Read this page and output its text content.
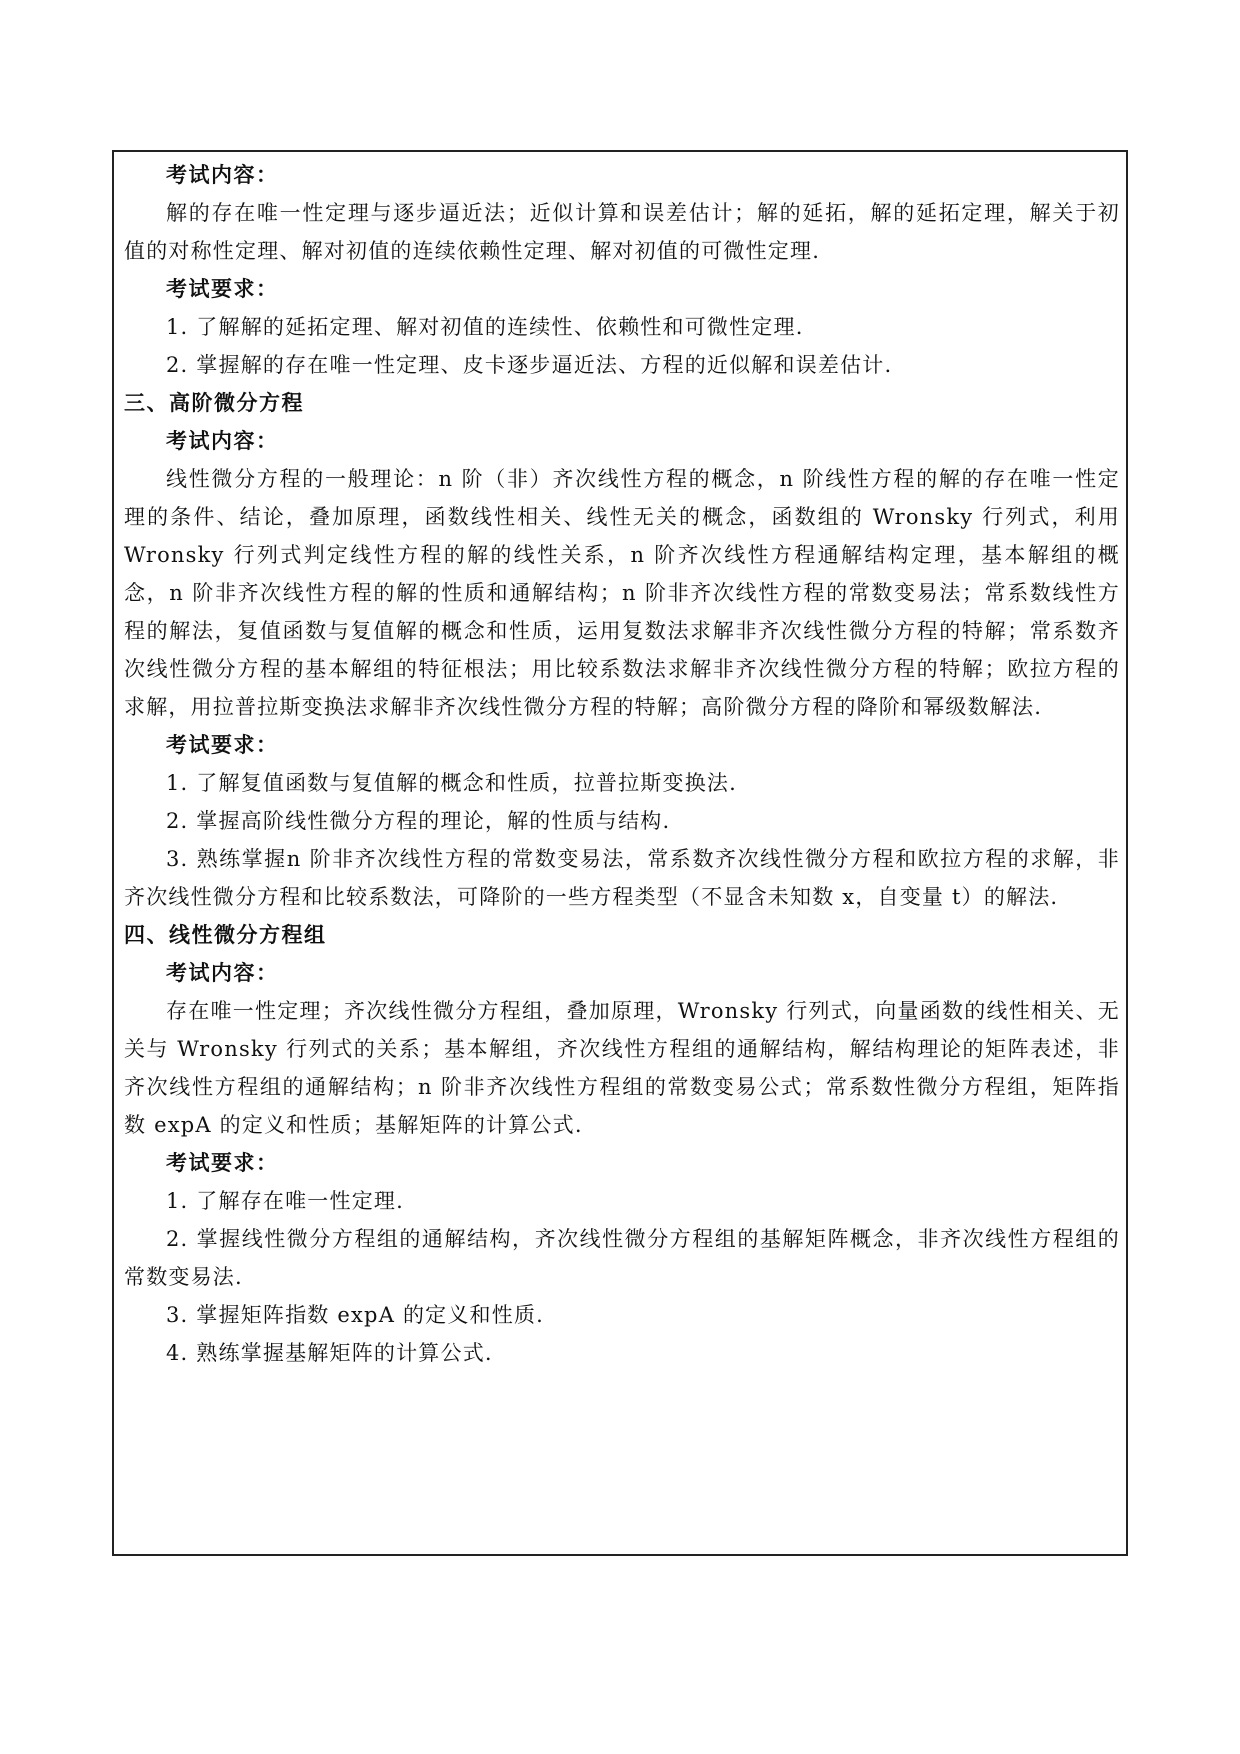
考试内容：

解的存在唯一性定理与逐步逼近法；近似计算和误差估计；解的延拓，解的延拓定理，解关于初值的对称性定理、解对初值的连续依赖性定理、解对初值的可微性定理.

考试要求：

1. 了解解的延拓定理、解对初值的连续性、依赖性和可微性定理.

2. 掌握解的存在唯一性定理、皮卡逐步逼近法、方程的近似解和误差估计.

三、高阶微分方程

考试内容：

线性微分方程的一般理论：n 阶（非）齐次线性方程的概念，n 阶线性方程的解的存在唯一性定理的条件、结论，叠加原理，函数线性相关、线性无关的概念，函数组的 Wronsky 行列式，利用 Wronsky 行列式判定线性方程的解的线性关系，n 阶齐次线性方程通解结构定理，基本解组的概念，n 阶非齐次线性方程的解的性质和通解结构；n 阶非齐次线性方程的常数变易法；常系数线性方程的解法，复值函数与复值解的概念和性质，运用复数法求解非齐次线性微分方程的特解；常系数齐次线性微分方程的基本解组的特征根法；用比较系数法求解非齐次线性微分方程的特解；欧拉方程的求解，用拉普拉斯变换法求解非齐次线性微分方程的特解；高阶微分方程的降阶和幂级数解法.

考试要求：

1. 了解复值函数与复值解的概念和性质，拉普拉斯变换法.

2. 掌握高阶线性微分方程的理论，解的性质与结构.

3. 熟练掌握n 阶非齐次线性方程的常数变易法，常系数齐次线性微分方程和欧拉方程的求解，非齐次线性微分方程和比较系数法，可降阶的一些方程类型（不显含未知数 x，自变量 t）的解法.

四、线性微分方程组

考试内容：

存在唯一性定理；齐次线性微分方程组，叠加原理，Wronsky 行列式，向量函数的线性相关、无关与 Wronsky 行列式的关系；基本解组，齐次线性方程组的通解结构，解结构理论的矩阵表述，非齐次线性方程组的通解结构；n 阶非齐次线性方程组的常数变易公式；常系数性微分方程组，矩阵指数 expA 的定义和性质；基解矩阵的计算公式.

考试要求：

1. 了解存在唯一性定理.

2. 掌握线性微分方程组的通解结构，齐次线性微分方程组的基解矩阵概念，非齐次线性方程组的常数变易法.

3. 掌握矩阵指数 expA 的定义和性质.

4. 熟练掌握基解矩阵的计算公式.
